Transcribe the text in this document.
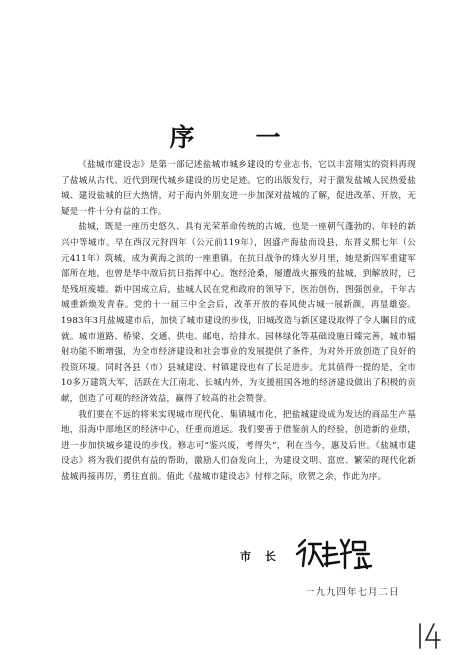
序　一

《盐城市建设志》是第一部记述盐城市城乡建设的专业志书，它以丰富翔实的资料再现了盐城从古代、近代到现代城乡建设的历史足迹。它的出版发行，对于激发盐城人民热爱盐城、建设盐城的巨大热情，对于海内外朋友进一步加深对盐城的了解，促进改革、开放，无疑是一件十分有益的工作。

盐城，既是一座历史悠久、具有光荣革命传统的古城，也是一座朝气蓬勃的、年轻的新兴中等城市。早在西汉元狩四年（公元前119年），因盛产海盐而设县，东晋义熙七年（公元411年）筑城，成为黄海之滨的一座重镇。在抗日战争的烽火岁月里，她是新四军重建军部所在地，也曾是华中敌后抗日指挥中心。饱经沧桑，屡遭战火摧残的盐城，到解放时，已是残垣废墟。新中国成立后，盐城人民在党和政府的领导下，医治创伤，图强创业，千年古城重新焕发青春。党的十一届三中全会后，改革开放的春风使古城一展新颜，再显雄姿。1983年3月盐城建市后，加快了城市建设的步伐，旧城改造与新区建设取得了令人瞩目的成就。城市道路、桥梁、交通、供电、邮电、给排水、园林绿化等基础设施日臻完善，城市辐射功能不断增强，为全市经济建设和社会事业的发展提供了条件，为对外开放创造了良好的投资环境。同时各县（市）县城建设、村镇建设也有了长足进步。尤其值得一提的是，全市10多万建筑大军，活跃在大江南北、长城内外，为支援祖国各地的经济建设做出了积极的贡献，创造了可观的经济效益，赢得了较高的社会赞誉。

我们要在不远的将来实现城市现代化、集镇城市化，把盐城建设成为发达的商品生产基地，沿海中部地区的经济中心，任重而道远。我们要善于借鉴前人的经验，创造新的业绩，进一步加快城乡建设的步伐。修志可“鉴兴废，考得失”，利在当今，惠及后世。《盐城市建设志》将为我们提供有益的帮助，激励人们奋发向上，为建设文明、富庶、繁荣的现代化新盐城再接再厉，勇往直前。值此《盐城市建设志》付梓之际，欣贺之余，作此为序。

市 长
一九九四年七月二日
